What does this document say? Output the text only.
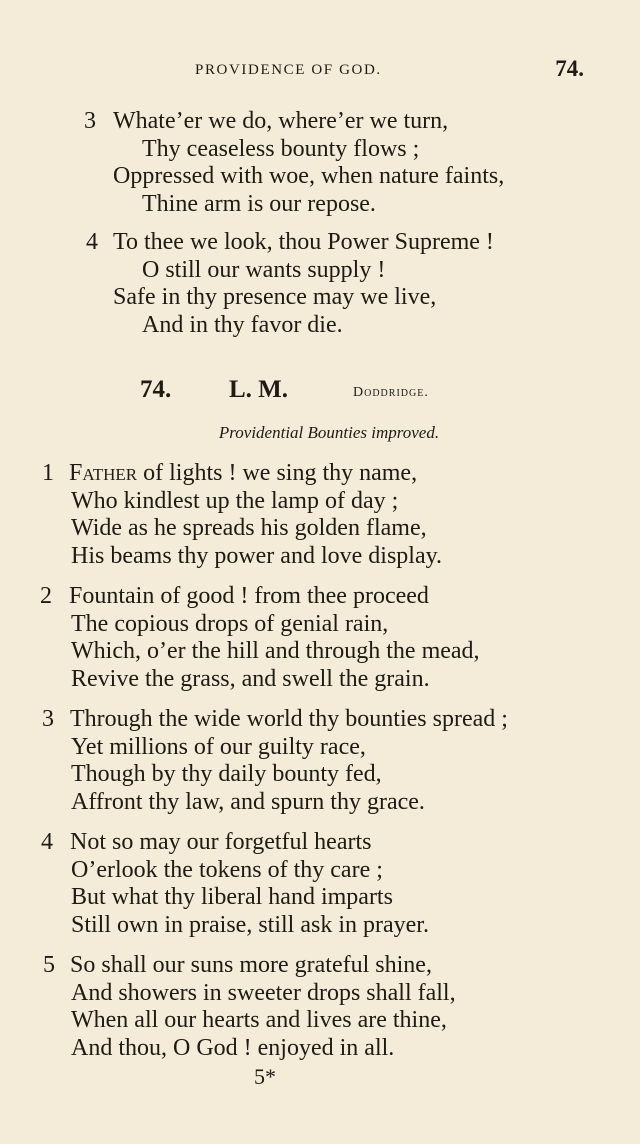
PROVIDENCE OF GOD.	74.
3 Whate’er we do, where’er we turn,
Thy ceaseless bounty flows ;
Oppressed with woe, when nature faints,
Thine arm is our repose.
4 To thee we look, thou Power Supreme !
O still our wants supply !
Safe in thy presence may we live,
And in thy favor die.
74. L. M.	Doddridge.
Providential Bounties improved.
1 Father of lights ! we sing thy name,
Who kindlest up the lamp of day ;
Wide as he spreads his golden flame,
His beams thy power and love display.
2 Fountain of good ! from thee proceed
The copious drops of genial rain,
Which, o’er the hill and through the mead,
Revive the grass, and swell the grain.
3 Through the wide world thy bounties spread ;
Yet millions of our guilty race,
Though by thy daily bounty fed,
Affront thy law, and spurn thy grace.
4 Not so may our forgetful hearts
O’erlook the tokens of thy care ;
But what thy liberal hand imparts
Still own in praise, still ask in prayer.
5 So shall our suns more grateful shine,
And showers in sweeter drops shall fall,
When all our hearts and lives are thine,
And thou, O God ! enjoyed in all.
5*
